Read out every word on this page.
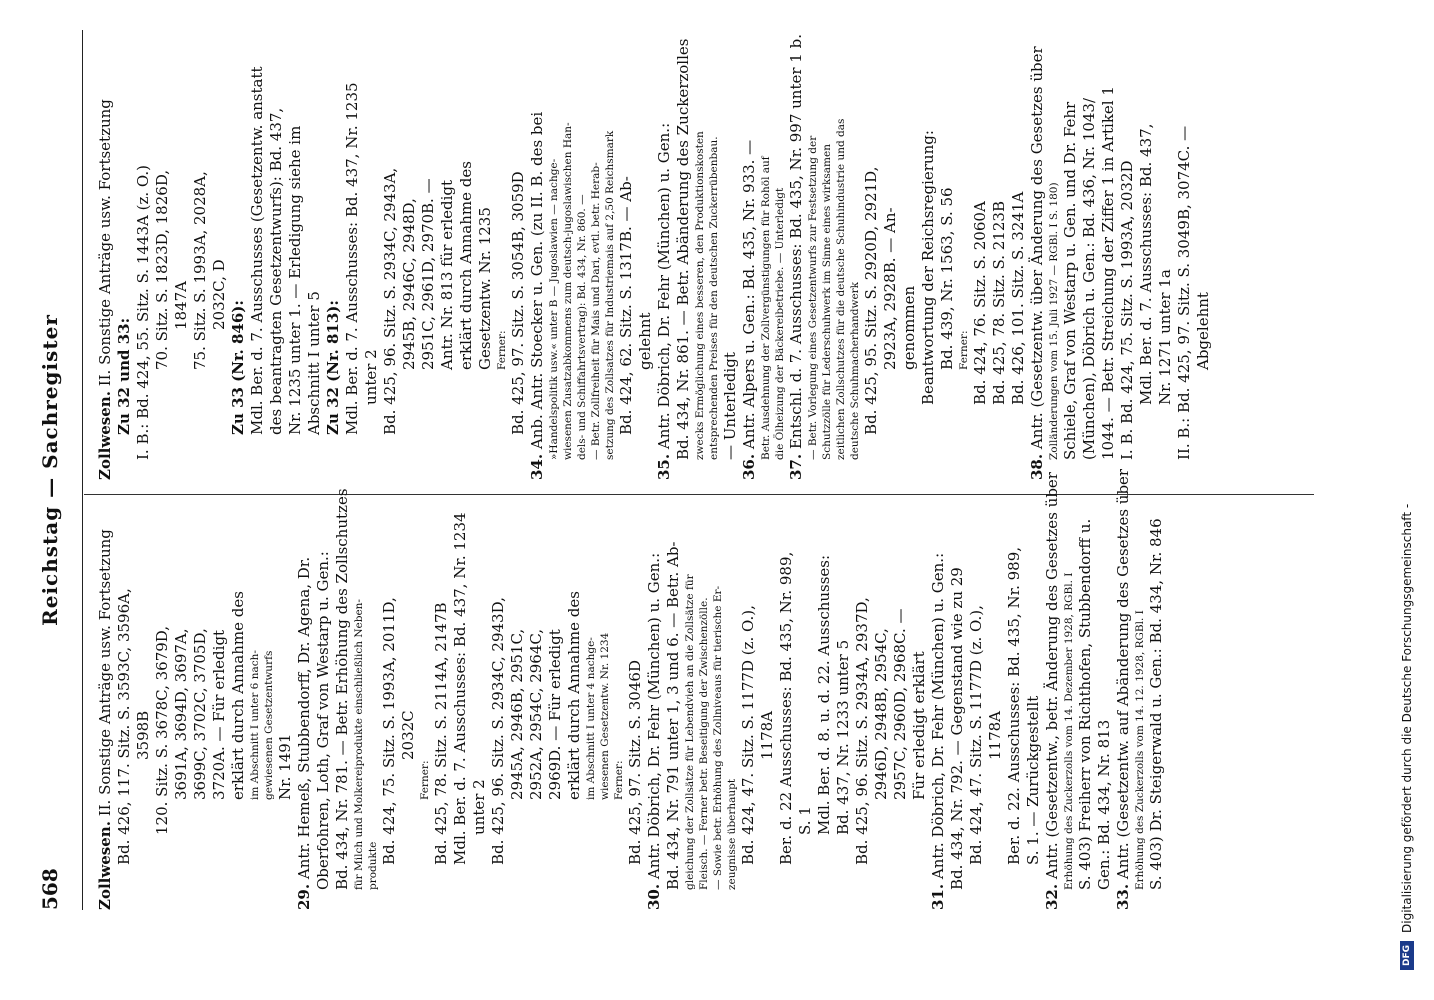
568
Reichstag — Sachregister
Zollwesen. II. Sonstige Anträge usw. Fortsetzung Bd. 426, 117. Sitz. S. 3593C, 3596A, 3598B 120. Sitz. S. 3678C, 3679D, 3691A, 3694D, 3697A, 3699C, 3702C, 3705D, 3720A. — Für erledigt erklärt durch Annahme des im Abschnitt I unter 6 nach- gewiesenen Gesetzentwurfs Nr. 1491
29. Antr. Hemeß, Stubbendorff, Dr. Agena, Dr. Oberfohren, Loth, Graf von Westarp u. Gen.: Bd. 434, Nr. 781. — Betr. Erhöhung des Zollschutzes für Milch und Molkereiprodukte einschließlich Neben- produkte
Bd. 424, 75. Sitz. S. 1993A, 2011D, 2032C
Ferner: Bd. 425, 78. Sitz. S. 2114A, 2147B Mdl. Ber. d. 7. Ausschusses: Bd. 437, Nr. 1234 unter 2 Bd. 425, 96. Sitz. S. 2934C, 2943D, 2945A, 2946B, 2951C, 2952A, 2954C, 2964C, 2969D. — Für erledigt erklärt durch Annahme des im Abschnitt I unter 4 nachge- wiesenen Gesetzentw. Nr. 1234 Ferner: Bd. 425, 97. Sitz. S. 3046D
30. Antr. Döbrich, Dr. Fehr (München) u. Gen.: Bd. 434, Nr. 791 unter 1, 3 und 6. — Betr. Ab- gleichung der Zollsätze für Lebendvieh an die Zollsätze für Fleisch. — Ferner betr. Beseitigung der Zwischenzölle. — Sowie betr. Erhöhung des Zollniveaus für tierische Er- zeugnisse überhaupt Bd. 424, 47. Sitz. S. 1177D (z. O.), 1178A Ber. d. 22 Ausschusses: Bd. 435, Nr. 989, S. 1 Mdl. Ber. d. 8. u. d. 22. Ausschusses: Bd. 437, Nr. 1233 unter 5 Bd. 425, 96. Sitz. S. 2934A, 2937D, 2946D, 2948B, 2954C, 2957C, 2960D, 2968C. — Für erledigt erklärt
31. Antr. Döbrich, Dr. Fehr (München) u. Gen.: Bd. 434, Nr. 792. — Gegenstand wie zu 29 Bd. 424, 47. Sitz. S. 1177D (z. O.), 1178A Ber. d. 22. Ausschusses: Bd. 435, Nr. 989, S. 1. — Zurückgestellt
32. Antr. (Gesetzentw., betr. Änderung des Gesetzes über Erhöhung des Zuckerzolls vom 14. Dezember 1928, RGBl. I S. 403) Freiherr von Richthofen, Stubbendorff u. Gen.: Bd. 434, Nr. 813
33. Antr. (Gesetzentw. auf Abänderung des Gesetzes über Erhöhung des Zuckerzolls vom 14. 12. 1928, RGBl. I S. 403) Dr. Steigerwald u. Gen.: Bd. 434, Nr. 846
Zollwesen. II. Sonstige Anträge usw. Fortsetzung Zu 32 und 33: I. B.: Bd. 424, 55. Sitz. S. 1443A (z. O.) 70. Sitz. S. 1823D, 1826D, 1847A 75. Sitz. S. 1993A, 2028A, 2032C, D
Zu 33 (Nr. 846): Mdl. Ber. d. 7. Ausschusses (Gesetzentw. anstatt des beantragten Gesetzentwurfs): Bd. 437, Nr. 1235 unter 1. — Erledigung siehe im Abschnitt I unter 5 Zu 32 (Nr. 813): Mdl. Ber. d. 7. Ausschusses: Bd. 437, Nr. 1235 unter 2 Bd. 425, 96. Sitz. S. 2934C, 2943A, 2945B, 2946C, 2948D, 2951C, 2961D, 2970B. — Antr. Nr. 813 für erledigt erklärt durch Annahme des Gesetzentw. Nr. 1235 Ferner: Bd. 425, 97. Sitz. S. 3054B, 3059D
34. Anb. Antr. Stoecker u. Gen. (zu II. B. des bei »Handelspolitik usw.« unter B — Jugoslawien — nachge- wiesenen Zusatzabkommens zum deutsch-jugoslawischen Han- dels- und Schiffahrtsvertrag): Bd. 434, Nr. 860. — — Betr. Zollfreiheit für Mais und Dari, evtl. betr. Herab- setzung des Zollsatzes für Industriemais auf 2,50 Reichsmark Bd. 424, 62. Sitz. S. 1317B. — Ab- gelehnt
35. Antr. Döbrich, Dr. Fehr (München) u. Gen.: Bd. 434, Nr. 861. — Betr. Abänderung des Zuckerzolles zwecks Ermöglichung eines besseren, den Produktionskosten entsprechenden Preises für den deutschen Zuckerrübenbau. — Unterledigt
36. Antr. Alpers u. Gen.: Bd. 435, Nr. 933. — Betr. Ausdehnung der Zollvergünstigungen für Rohöl auf die Ölheizung der Bäckereibetriebe. — Unterledigt
37. Entschl. d. 7. Ausschusses: Bd. 435, Nr. 997 unter 1 b. — Betr. Vorlegung eines Gesetzentwurfs zur Festsetzung der Schutzzölle für Lederschuhwerk im Sinne eines wirksamen zeitlichen Zollschutzes für die deutsche Schuhindustrie und das deutsche Schuhmacherhandwerk Bd. 425, 95. Sitz. S. 2920D, 2921D, 2923A, 2928B. — An- genommen Beantwortung der Reichsregierung: Bd. 439, Nr. 1563, S. 56 Ferner: Bd. 424, 76. Sitz. S. 2060A Bd. 425, 78. Sitz. S. 2123B Bd. 426, 101. Sitz. S. 3241A
38. Antr. (Gesetzentw. über Änderung des Gesetzes über Zolländerungen vom 15. Juli 1927 — RGBl. I S. 180) Schiele, Graf von Westarp u. Gen. und Dr. Fehr (München), Döbrich u. Gen.: Bd. 436, Nr. 1043/ 1044. — Betr. Streichung der Ziffer 1 in Artikel 1 I. B. Bd. 424, 75. Sitz. S. 1993A, 2032D Mdl. Ber. d. 7. Ausschusses: Bd. 437, Nr. 1271 unter 1a II. B.: Bd. 425, 97. Sitz. S. 3049B, 3074C. — Abgelehnt
DFG
Digitalisierung gefördert durch die Deutsche Forschungsgemeinschaft -
